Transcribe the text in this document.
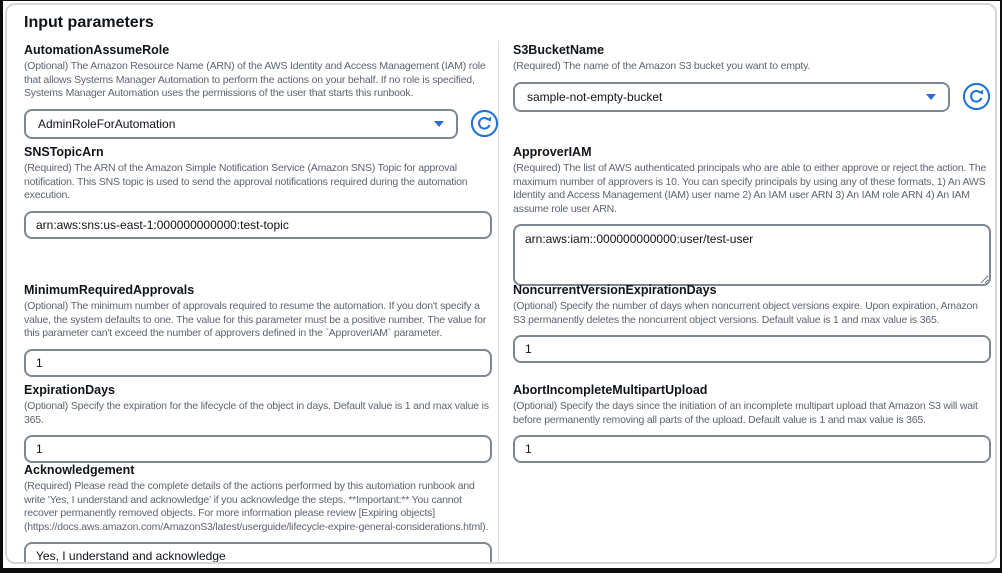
Input parameters
AutomationAssumeRole
(Optional) The Amazon Resource Name (ARN) of the AWS Identity and Access Management (IAM) role that allows Systems Manager Automation to perform the actions on your behalf. If no role is specified, Systems Manager Automation uses the permissions of the user that starts this runbook.
AdminRoleForAutomation
S3BucketName
(Required) The name of the Amazon S3 bucket you want to empty.
sample-not-empty-bucket
SNSTopicArn
(Required) The ARN of the Amazon Simple Notification Service (Amazon SNS) Topic for approval notification. This SNS topic is used to send the approval notifications required during the automation execution.
arn:aws:sns:us-east-1:000000000000:test-topic
ApproverIAM
(Required) The list of AWS authenticated principals who are able to either approve or reject the action. The maximum number of approvers is 10. You can specify principals by using any of these formats, 1) An AWS Identity and Access Management (IAM) user name 2) An IAM user ARN 3) An IAM role ARN 4) An IAM assume role user ARN.
arn:aws:iam::000000000000:user/test-user
MinimumRequiredApprovals
(Optional) The minimum number of approvals required to resume the automation. If you don't specify a value, the system defaults to one. The value for this parameter must be a positive number. The value for this parameter can't exceed the number of approvers defined in the `ApproverIAM` parameter.
1
NoncurrentVersionExpirationDays
(Optional) Specify the number of days when noncurrent object versions expire. Upon expiration, Amazon S3 permanently deletes the noncurrent object versions. Default value is 1 and max value is 365.
1
ExpirationDays
(Optional) Specify the expiration for the lifecycle of the object in days. Default value is 1 and max value is 365.
1
AbortIncompleteMultipartUpload
(Optional) Specify the days since the initiation of an incomplete multipart upload that Amazon S3 will wait before permanently removing all parts of the upload. Default value is 1 and max value is 365.
1
Acknowledgement
(Required) Please read the complete details of the actions performed by this automation runbook and write 'Yes, I understand and acknowledge' if you acknowledge the steps. **Important:** You cannot recover permanently removed objects. For more information please review [Expiring objects] (https://docs.aws.amazon.com/AmazonS3/latest/userguide/lifecycle-expire-general-considerations.html).
Yes, I understand and acknowledge
